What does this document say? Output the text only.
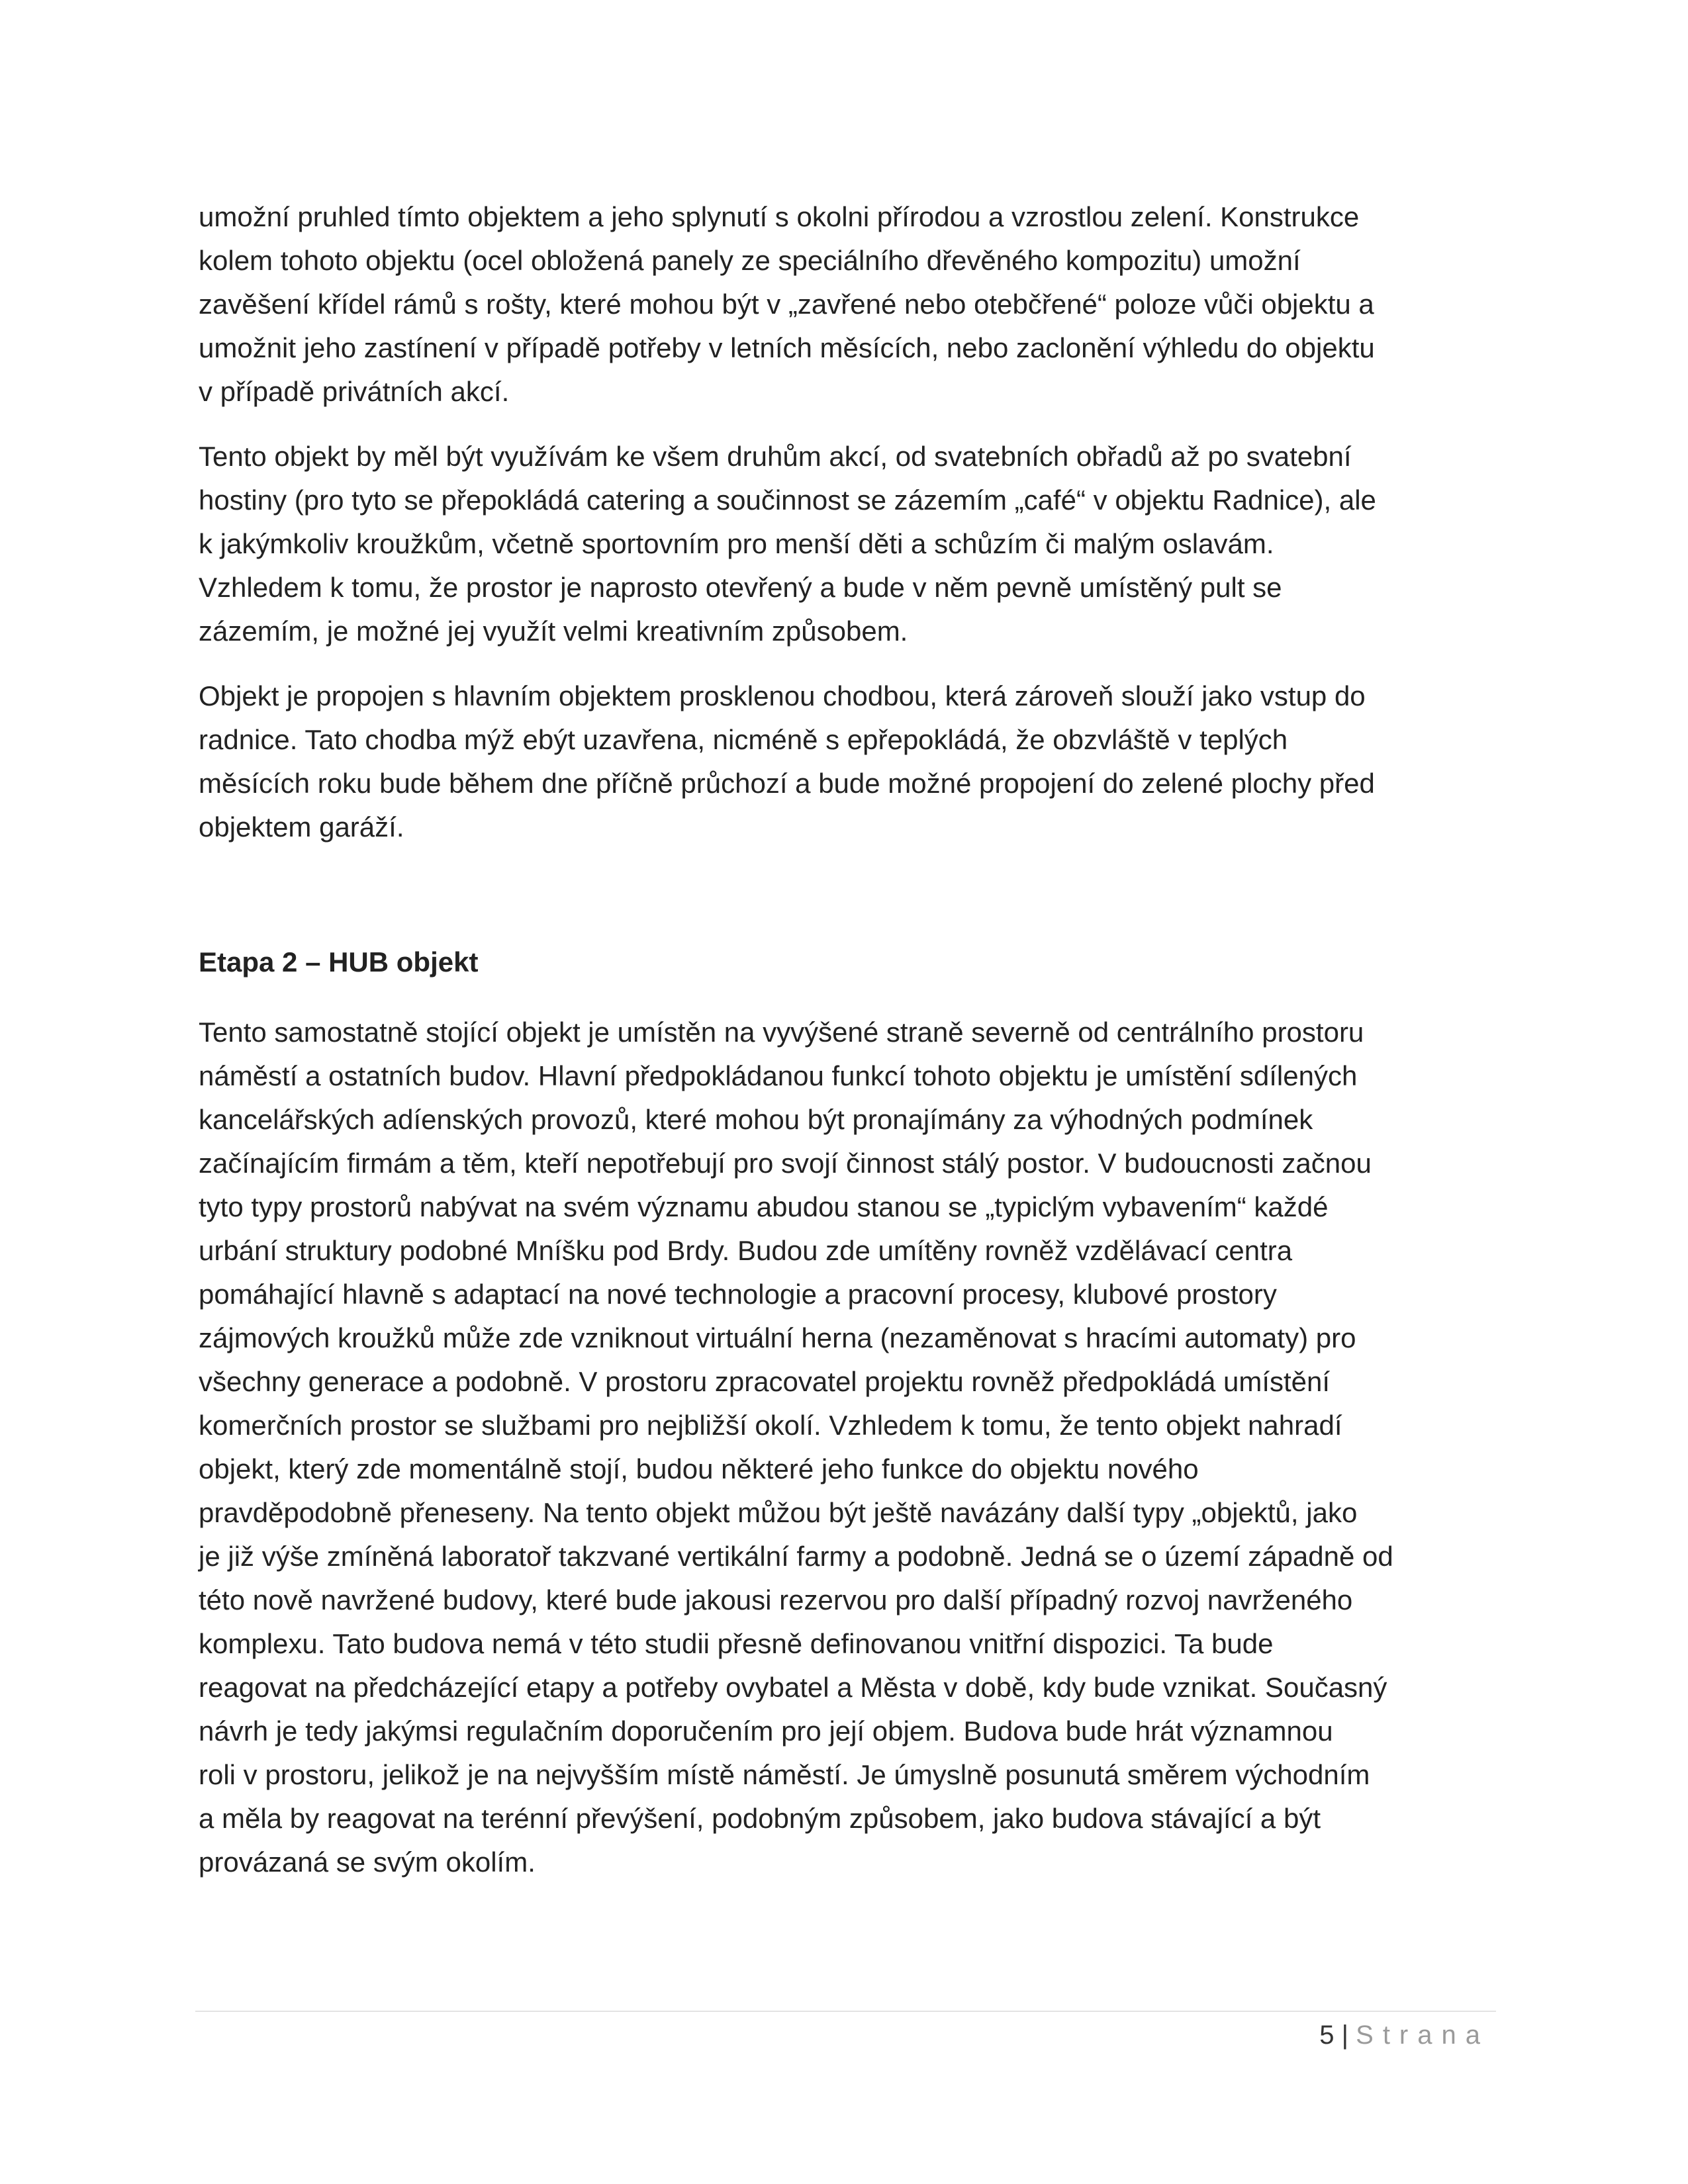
umožní pruhled tímto objektem a jeho splynutí s okolni přírodou a vzrostlou zelení. Konstrukce
kolem tohoto objektu (ocel obložená panely ze speciálního dřevěného kompozitu) umožní
zavěšení křídel rámů s rošty, které mohou být v „zavřené nebo otebčřené“ poloze vůči objektu a
umožnit jeho zastínení v případě potřeby v letních měsících, nebo zaclonění výhledu do objektu
v případě privátních akcí.

Tento objekt by měl být využívám ke všem druhům akcí, od svatebních obřadů až po svatební
hostiny (pro tyto se přepokládá catering a součinnost se zázemím „café“ v objektu Radnice), ale
k jakýmkoliv kroužkům, včetně sportovním pro menší děti a schůzím či malým oslavám.
Vzhledem k tomu, že prostor je naprosto otevřený a bude v něm pevně umístěný pult se
zázemím, je možné jej využít velmi kreativním způsobem.

Objekt je propojen s hlavním objektem prosklenou chodbou, která zároveň slouží jako vstup do
radnice. Tato chodba mýž ebýt uzavřena, nicméně s epřepokládá, že obzvláště v teplých
měsících roku bude během dne příčně průchozí a bude možné propojení do zelené plochy před
objektem garáží.

Etapa 2 – HUB objekt

Tento samostatně stojící objekt je umístěn na vyvýšené straně severně od centrálního prostoru
náměstí a ostatních budov. Hlavní předpokládanou funkcí tohoto objektu je umístění sdílených
kancelářských adíenských provozů, které mohou být pronajímány za výhodných podmínek
začínajícím firmám a těm, kteří nepotřebují pro svojí činnost stálý postor. V budoucnosti začnou
tyto typy prostorů nabývat na svém významu abudou stanou se „typiclým vybavením“ každé
urbání struktury podobné Mníšku pod Brdy. Budou zde umítěny rovněž vzdělávací centra
pomáhající hlavně s adaptací na nové technologie a pracovní procesy, klubové prostory
zájmových kroužků může zde vzniknout virtuální herna (nezaměnovat s hracími automaty) pro
všechny generace a podobně. V prostoru zpracovatel projektu rovněž předpokládá umístění
komerčních prostor se službami pro nejbližší okolí. Vzhledem k tomu, že tento objekt nahradí
objekt, který zde momentálně stojí, budou některé jeho funkce do objektu nového
pravděpodobně přeneseny. Na tento objekt můžou být ještě navázány další typy „objektů, jako
je již výše zmíněná laboratoř takzvané vertikální farmy a podobně. Jedná se o území západně od
této nově navržené budovy, které bude jakousi rezervou pro další případný rozvoj navrženého
komplexu. Tato budova nemá v této studii přesně definovanou vnitřní dispozici. Ta bude
reagovat na předcházející etapy a potřeby ovybatel a Města v době, kdy bude vznikat. Současný
návrh je tedy jakýmsi regulačním doporučením pro její objem. Budova bude hrát významnou
roli v prostoru, jelikož je na nejvyšším místě náměstí. Je úmyslně posunutá směrem východním
a měla by reagovat na terénní převýšení, podobným způsobem, jako budova stávající a být
provázaná se svým okolím.

5 | Strana
